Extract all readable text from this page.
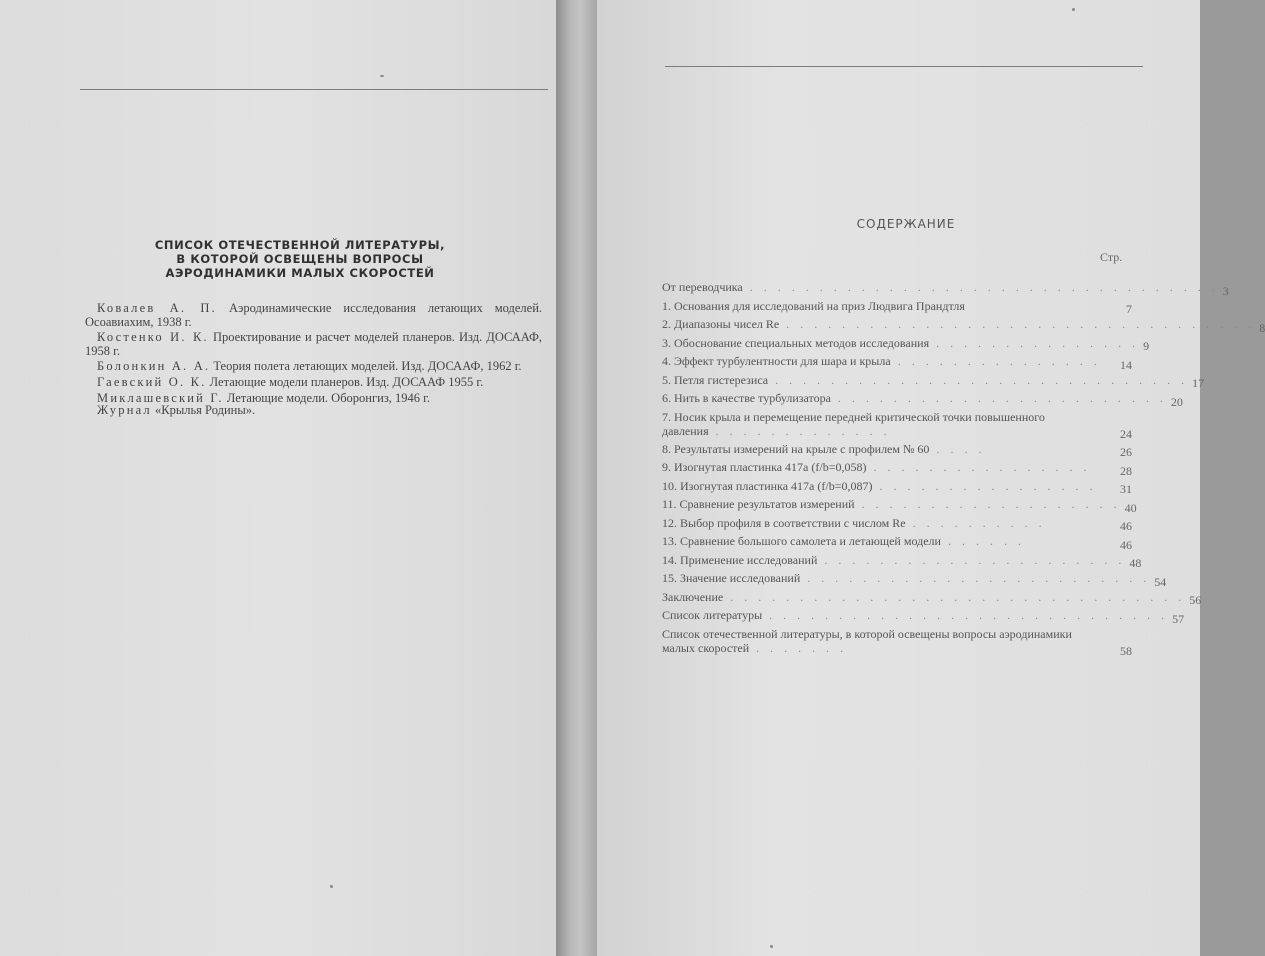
СПИСОК ОТЕЧЕСТВЕННОЙ ЛИТЕРАТУРЫ,
В КОТОРОЙ ОСВЕЩЕНЫ ВОПРОСЫ
АЭРОДИНАМИКИ МАЛЫХ СКОРОСТЕЙ

Ковалев А. П. Аэродинамические исследования летающих моделей. Осоавиахим, 1938 г.

Костенко И. К. Проектирование и расчет моделей планеров. Изд. ДОСААФ, 1958 г.

Болонкин А. А. Теория полета летающих моделей. Изд. ДОСААФ, 1962 г.

Гаевский О. К. Летающие модели планеров. Изд. ДОСААФ 1955 г.

Миклашевский Г. Летающие модели. Оборонгиз, 1946 г.

Журнал «Крылья Родины».

СОДЕРЖАНИЕ
Стр.
От переводчика . . . . . . . . . . . . . . . . . . . . . . . . . . . . . . . . . . 3
1. Основания для исследований на приз Людвига Прандтля	7
2. Диапазоны чисел Re . . . . . . . . . . . . . . . . . . . . . . . . . . . . . . . . . . 8
3. Обоснование специальных методов исследования . . . . . . . . . . . . . . . 9
4. Эффект турбулентности для шара и крыла . . . . . . . . . . . . . . .	14
5. Петля гистерезиса . . . . . . . . . . . . . . . . . . . . . . . . . . . . . . 17
6. Нить в качестве турбулизатора . . . . . . . . . . . . . . . . . . . . . . . . 20
7. Носик крыла и перемещение передней критической точки повышенного давления . . . . . . . . . . . . .	24
8. Результаты измерений на крыле с профилем № 60 . . . .	26
9. Изогнутая пластинка 417а (f/b=0,058) . . . . . . . . . . . . . . . .	28
10. Изогнутая пластинка 417а (f/b=0,087) . . . . . . . . . . . . . . . .	31
11. Сравнение результатов измерений . . . . . . . . . . . . . . . . . . . 40
12. Выбор профиля в соответствии с числом Re . . . . . . . . . .	46
13. Сравнение большого самолета и летающей модели . . . . . .	46
14. Применение исследований . . . . . . . . . . . . . . . . . . . . . . 48
15. Значение исследований . . . . . . . . . . . . . . . . . . . . . . . . . 54
Заключение . . . . . . . . . . . . . . . . . . . . . . . . . . . . . . . . . 56
Список литературы . . . . . . . . . . . . . . . . . . . . . . . . . . . . . 57
Список отечественной литературы, в которой освещены вопросы аэродинамики малых скоростей . . . . . . .	58
